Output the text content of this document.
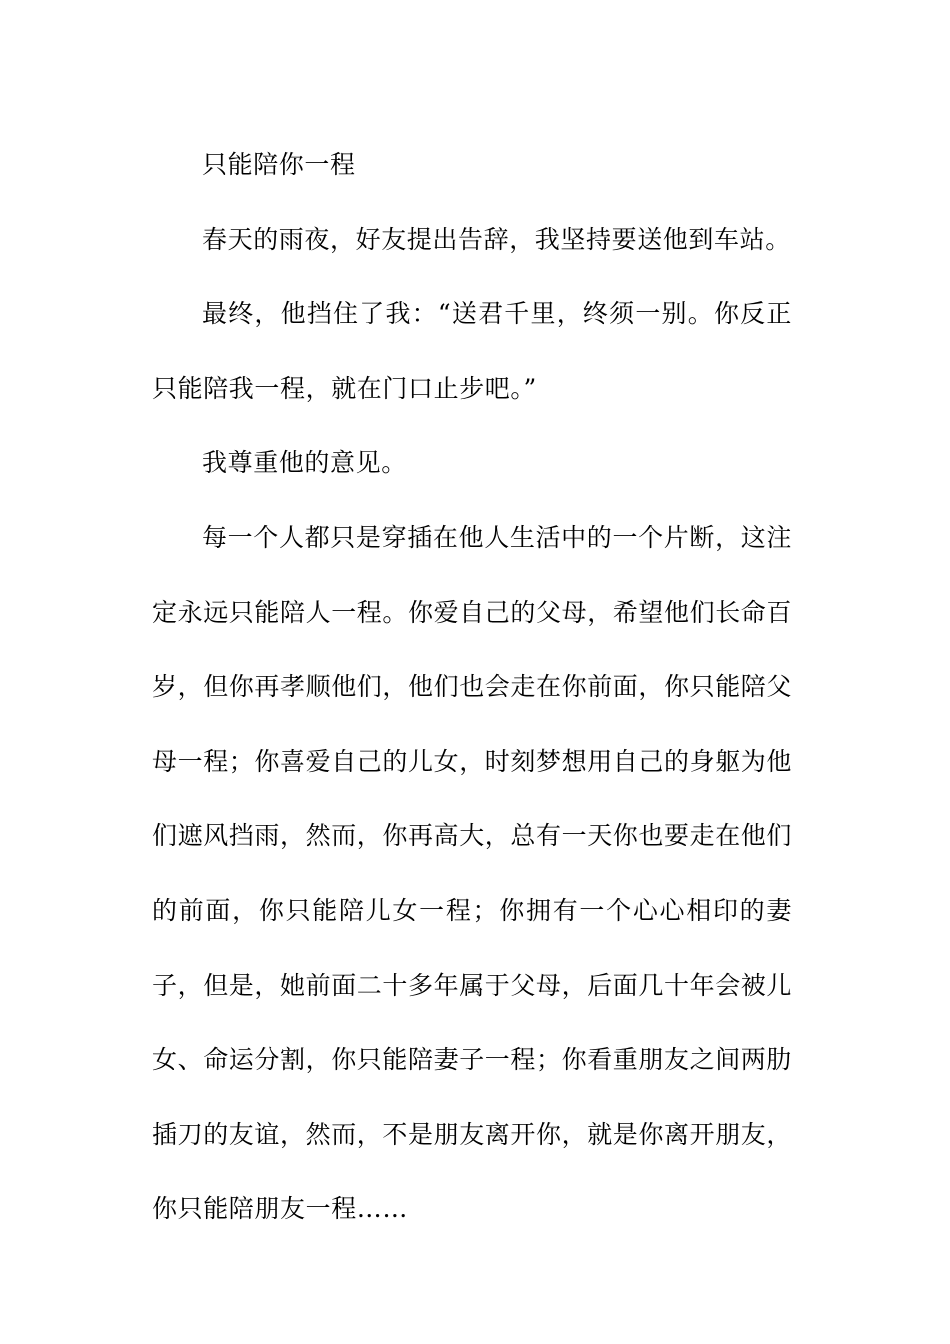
只能陪你一程

春天的雨夜，好友提出告辞，我坚持要送他到车站。

最终，他挡住了我：“送君千里，终须一别。你反正只能陪我一程，就在门口止步吧。”

我尊重他的意见。

每一个人都只是穿插在他人生活中的一个片断，这注定永远只能陪人一程。你爱自己的父母，希望他们长命百岁，但你再孝顺他们，他们也会走在你前面，你只能陪父母一程；你喜爱自己的儿女，时刻梦想用自己的身躯为他们遮风挡雨，然而，你再高大，总有一天你也要走在他们的前面，你只能陪儿女一程；你拥有一个心心相印的妻子，但是，她前面二十多年属于父母，后面几十年会被儿女、命运分割，你只能陪妻子一程；你看重朋友之间两肋插刀的友谊，然而，不是朋友离开你，就是你离开朋友，你只能陪朋友一程……
